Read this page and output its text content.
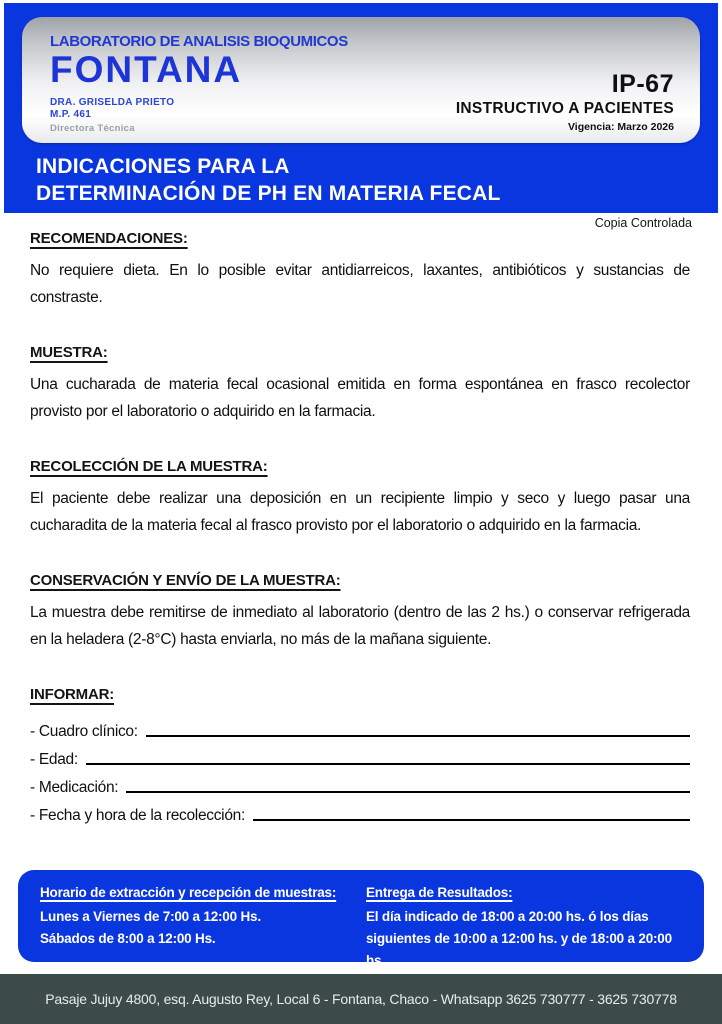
LABORATORIO DE ANALISIS BIOQUMICOS
FONTANA
DRA. GRISELDA PRIETO
M.P. 461
Directora Técnica
IP-67
INSTRUCTIVO A PACIENTES
Vigencia: Marzo 2026
INDICACIONES PARA LA
DETERMINACIÓN DE PH EN MATERIA FECAL
Copia Controlada
RECOMENDACIONES:

No requiere dieta. En lo posible evitar antidiarreicos, laxantes, antibióticos y sustancias de constraste.

MUESTRA:

Una cucharada de materia fecal ocasional emitida en forma espontánea en frasco recolector provisto por el laboratorio o adquirido en la farmacia.

RECOLECCIÓN DE LA MUESTRA:

El paciente debe realizar una deposición en un recipiente limpio y seco y luego pasar una cucharadita de la materia fecal al frasco provisto por el laboratorio o adquirido en la farmacia.

CONSERVACIÓN Y ENVÍO DE LA MUESTRA:

La muestra debe remitirse de inmediato al laboratorio (dentro de las 2 hs.) o conservar refrigerada en la heladera (2-8°C) hasta enviarla, no más de la mañana siguiente.

INFORMAR:
- Cuadro clínico:
- Edad:
- Medicación:
- Fecha y hora de la recolección:
Horario de extracción y recepción de muestras:
Lunes a Viernes de 7:00 a 12:00 Hs.
Sábados de 8:00 a 12:00 Hs.
Entrega de Resultados:
El día indicado de 18:00 a 20:00 hs. ó los días
siguientes de 10:00 a 12:00 hs. y de 18:00 a 20:00 hs.
Pasaje Jujuy 4800, esq. Augusto Rey, Local 6 - Fontana, Chaco - Whatsapp 3625 730777 - 3625 730778
